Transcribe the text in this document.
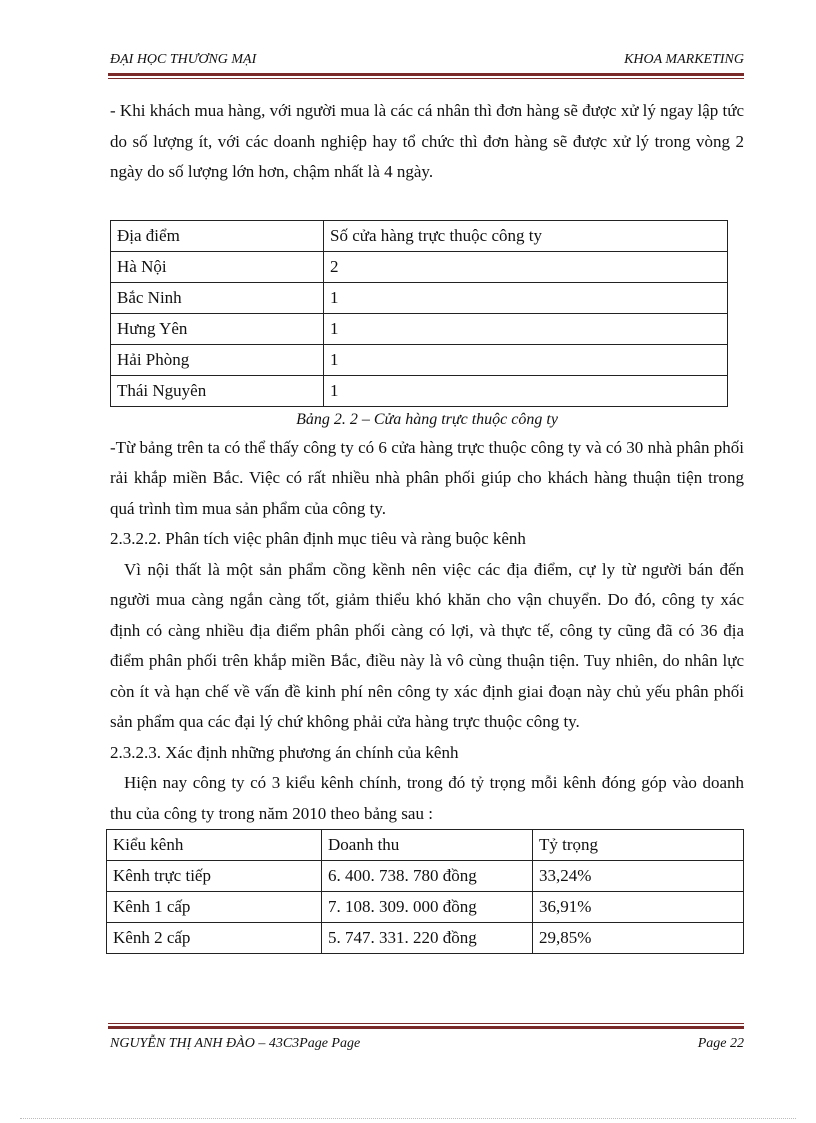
ĐẠI HỌC THƯƠNG MẠI	KHOA MARKETING

- Khi khách mua hàng, với người mua là các cá nhân thì đơn hàng sẽ được xử lý ngay lập tức do số lượng ít, với các doanh nghiệp hay tổ chức thì đơn hàng sẽ được xử lý trong vòng 2 ngày do số lượng lớn hơn, chậm nhất là 4 ngày.

Địa điểm	Số cửa hàng trực thuộc công ty
Hà Nội	2
Bắc Ninh	1
Hưng Yên	1
Hải Phòng	1
Thái Nguyên	1
Bảng 2. 2 – Cửa hàng trực thuộc công ty

-Từ bảng trên ta có thể thấy công ty có 6 cửa hàng trực thuộc công ty và có 30 nhà phân phối rải khắp miền Bắc. Việc có rất nhiều nhà phân phối giúp cho khách hàng thuận tiện trong quá trình tìm mua sản phẩm của công ty.

2.3.2.2. Phân tích việc phân định mục tiêu và ràng buộc kênh

Vì nội thất là một sản phẩm cồng kềnh nên việc các địa điểm, cự ly từ người bán đến người mua càng ngắn càng tốt, giảm thiểu khó khăn cho vận chuyển. Do đó, công ty xác định có càng nhiều địa điểm phân phối càng có lợi, và thực tế, công ty cũng đã có 36 địa điểm phân phối trên khắp miền Bắc, điều này là vô cùng thuận tiện. Tuy nhiên, do nhân lực còn ít và hạn chế về vấn đề kinh phí nên công ty xác định giai đoạn này chủ yếu phân phối sản phẩm qua các đại lý chứ không phải cửa hàng trực thuộc công ty.

2.3.2.3. Xác định những phương án chính của kênh

Hiện nay công ty có 3 kiểu kênh chính, trong đó tỷ trọng mỗi kênh đóng góp vào doanh thu của công ty trong năm 2010 theo bảng sau :

Kiểu kênh	Doanh thu	Tỷ trọng
Kênh trực tiếp	6. 400. 738. 780 đồng	33,24%
Kênh 1 cấp	7. 108. 309. 000 đồng	36,91%
Kênh 2 cấp	5. 747. 331. 220 đồng	29,85%
NGUYỄN THỊ ANH ĐÀO – 43C3Page Page	Page 22
